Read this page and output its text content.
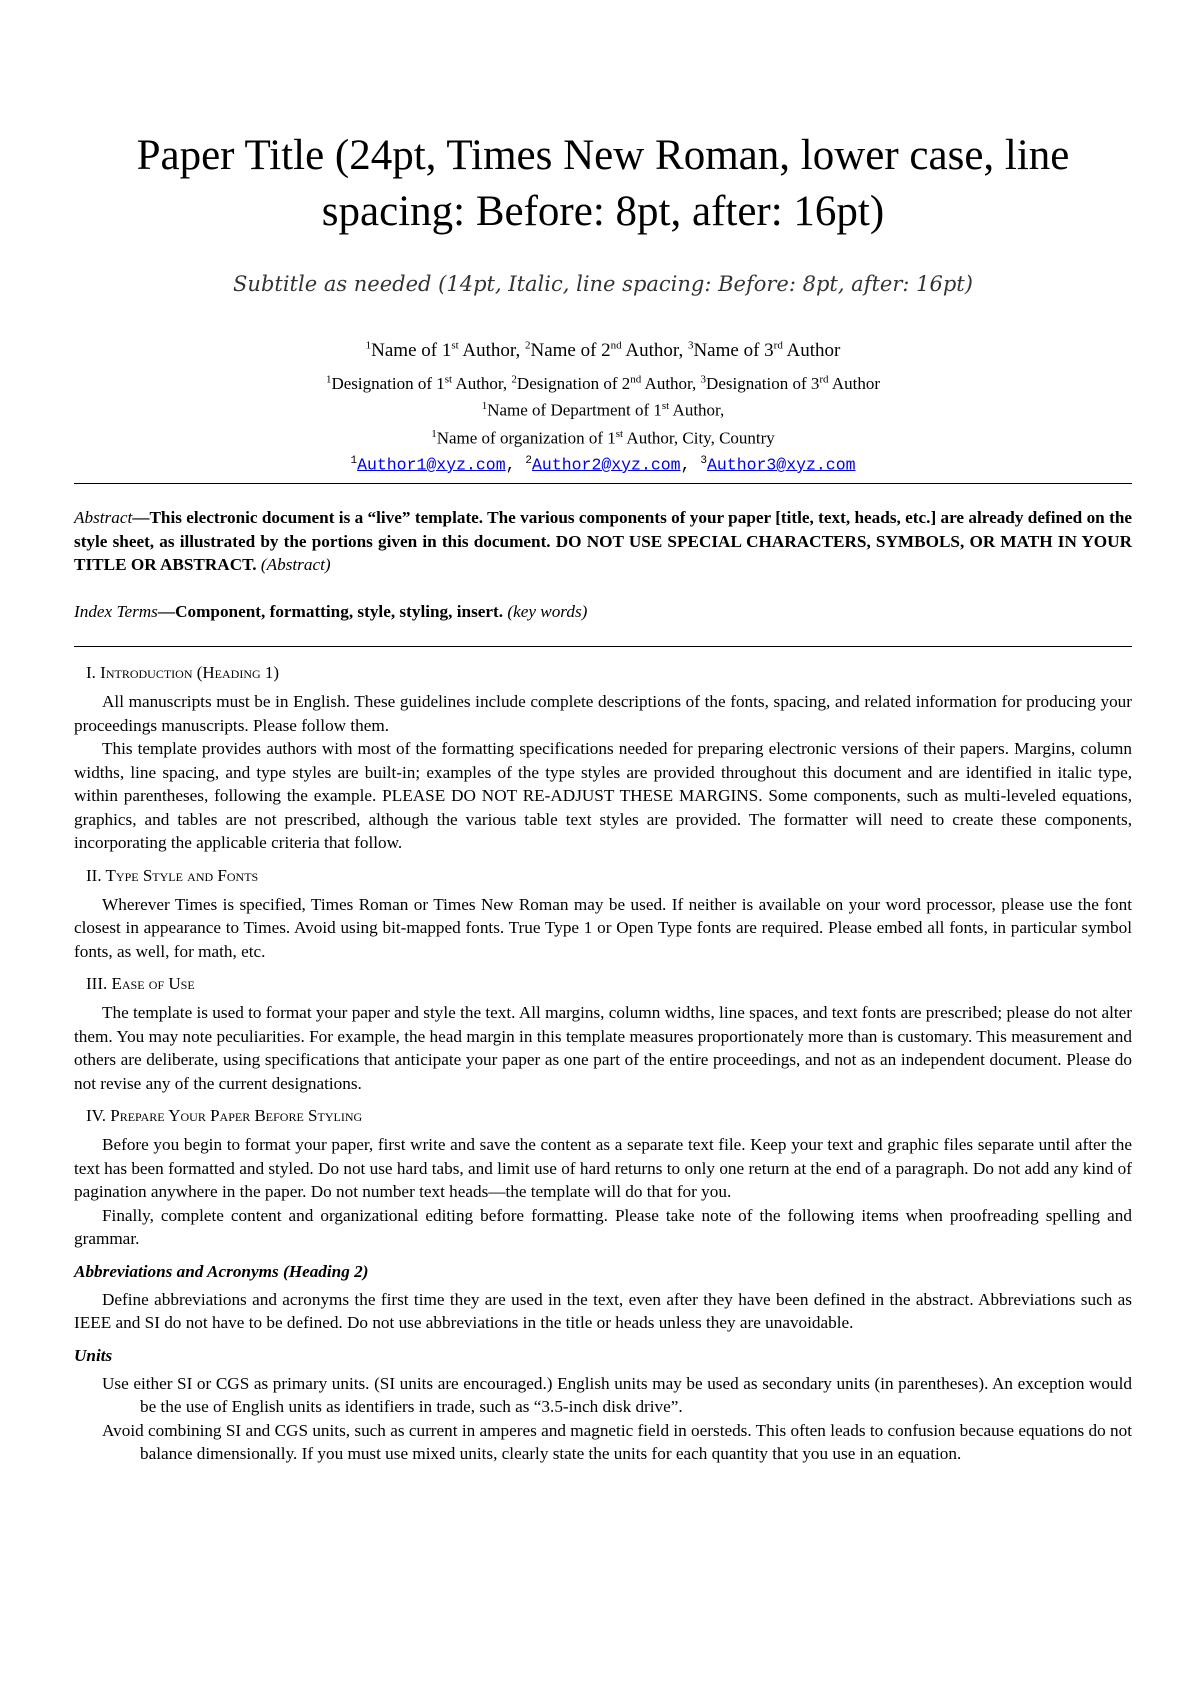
Paper Title (24pt, Times New Roman, lower case, line spacing: Before: 8pt, after: 16pt)
Subtitle as needed (14pt, Italic, line spacing: Before: 8pt, after: 16pt)
$^1$Name of 1st Author, $^2$Name of 2nd Author, $^3$Name of 3rd Author
$^1$Designation of 1st Author, $^2$Designation of 2nd Author, $^3$Designation of 3rd Author
$^1$Name of Department of 1st Author,
$^1$Name of organization of 1st Author, City, Country
$^1$Author1@xyz.com, $^2$Author2@xyz.com, $^3$Author3@xyz.com
Abstract—This electronic document is a “live” template. The various components of your paper [title, text, heads, etc.] are already defined on the style sheet, as illustrated by the portions given in this document. DO NOT USE SPECIAL CHARACTERS, SYMBOLS, OR MATH IN YOUR TITLE OR ABSTRACT. (Abstract)
Index Terms—Component, formatting, style, styling, insert. (key words)
I. Introduction (Heading 1)

All manuscripts must be in English. These guidelines include complete descriptions of the fonts, spacing, and related information for producing your proceedings manuscripts. Please follow them.

This template provides authors with most of the formatting specifications needed for preparing electronic versions of their papers. Margins, column widths, line spacing, and type styles are built-in; examples of the type styles are provided throughout this document and are identified in italic type, within parentheses, following the example. PLEASE DO NOT RE-ADJUST THESE MARGINS. Some components, such as multi-leveled equations, graphics, and tables are not prescribed, although the various table text styles are provided. The formatter will need to create these components, incorporating the applicable criteria that follow.

II. Type Style and Fonts

Wherever Times is specified, Times Roman or Times New Roman may be used. If neither is available on your word processor, please use the font closest in appearance to Times. Avoid using bit-mapped fonts. True Type 1 or Open Type fonts are required. Please embed all fonts, in particular symbol fonts, as well, for math, etc.

III. Ease of Use

The template is used to format your paper and style the text. All margins, column widths, line spaces, and text fonts are prescribed; please do not alter them. You may note peculiarities. For example, the head margin in this template measures proportionately more than is customary. This measurement and others are deliberate, using specifications that anticipate your paper as one part of the entire proceedings, and not as an independent document. Please do not revise any of the current designations.

IV. Prepare Your Paper Before Styling

Before you begin to format your paper, first write and save the content as a separate text file. Keep your text and graphic files separate until after the text has been formatted and styled. Do not use hard tabs, and limit use of hard returns to only one return at the end of a paragraph. Do not add any kind of pagination anywhere in the paper. Do not number text heads—the template will do that for you.

Finally, complete content and organizational editing before formatting. Please take note of the following items when proofreading spelling and grammar.

Abbreviations and Acronyms (Heading 2)

Define abbreviations and acronyms the first time they are used in the text, even after they have been defined in the abstract. Abbreviations such as IEEE and SI do not have to be defined. Do not use abbreviations in the title or heads unless they are unavoidable.

Units

Use either SI or CGS as primary units. (SI units are encouraged.) English units may be used as secondary units (in parentheses). An exception would be the use of English units as identifiers in trade, such as “3.5-inch disk drive”.

Avoid combining SI and CGS units, such as current in amperes and magnetic field in oersteds. This often leads to confusion because equations do not balance dimensionally. If you must use mixed units, clearly state the units for each quantity that you use in an equation.
